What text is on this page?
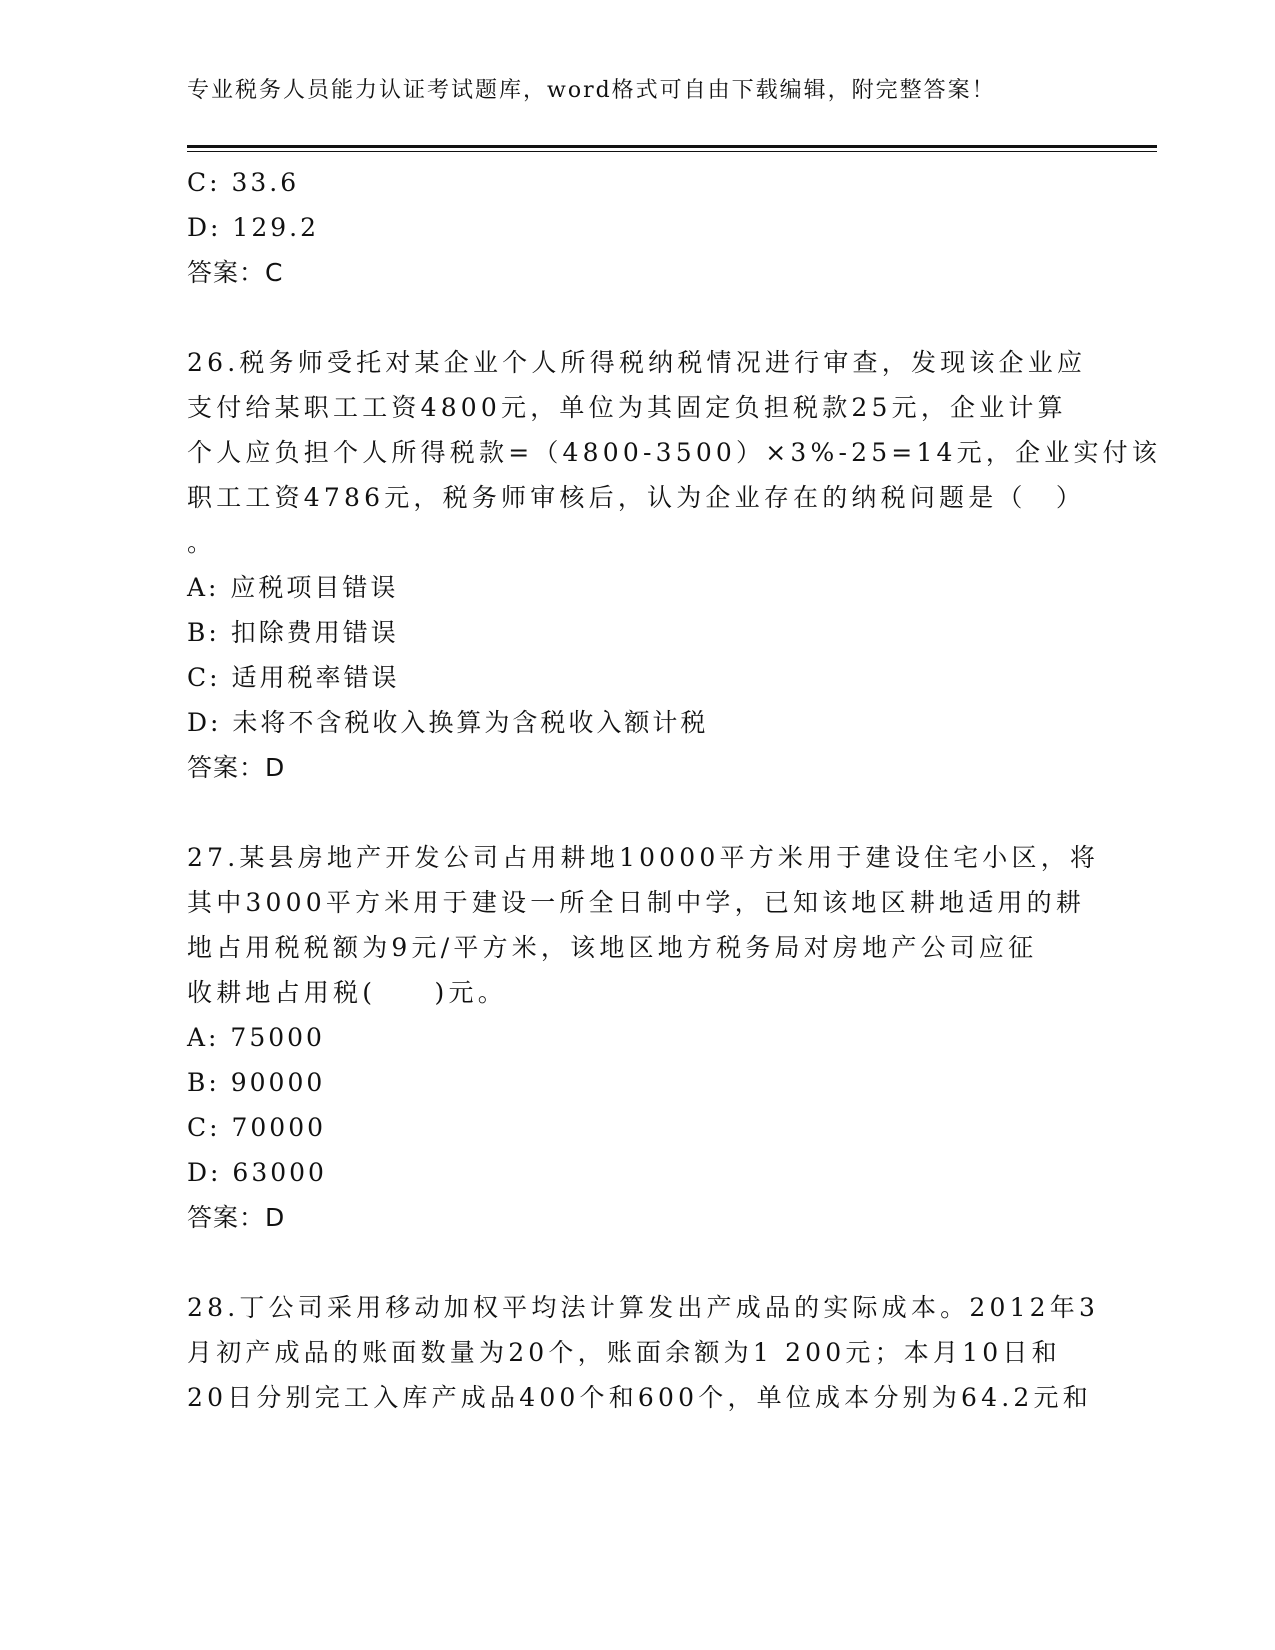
专业税务人员能力认证考试题库，word格式可自由下载编辑，附完整答案！
C: 33.6
D: 129.2
答案：C
26.税务师受托对某企业个人所得税纳税情况进行审查，发现该企业应
支付给某职工工资4800元，单位为其固定负担税款25元，企业计算
个人应负担个人所得税款=（4800-3500）×3%-25=14元，企业实付该
职工工资4786元，税务师审核后，认为企业存在的纳税问题是（　）
。
A: 应税项目错误
B: 扣除费用错误
C: 适用税率错误
D: 未将不含税收入换算为含税收入额计税
答案：D
27.某县房地产开发公司占用耕地10000平方米用于建设住宅小区，将
其中3000平方米用于建设一所全日制中学，已知该地区耕地适用的耕
地占用税税额为9元/平方米，该地区地方税务局对房地产公司应征
收耕地占用税(　　)元。
A: 75000
B: 90000
C: 70000
D: 63000
答案：D
28.丁公司采用移动加权平均法计算发出产成品的实际成本。2012年3
月初产成品的账面数量为20个，账面余额为1 200元；本月10日和
20日分别完工入库产成品400个和600个，单位成本分别为64.2元和
